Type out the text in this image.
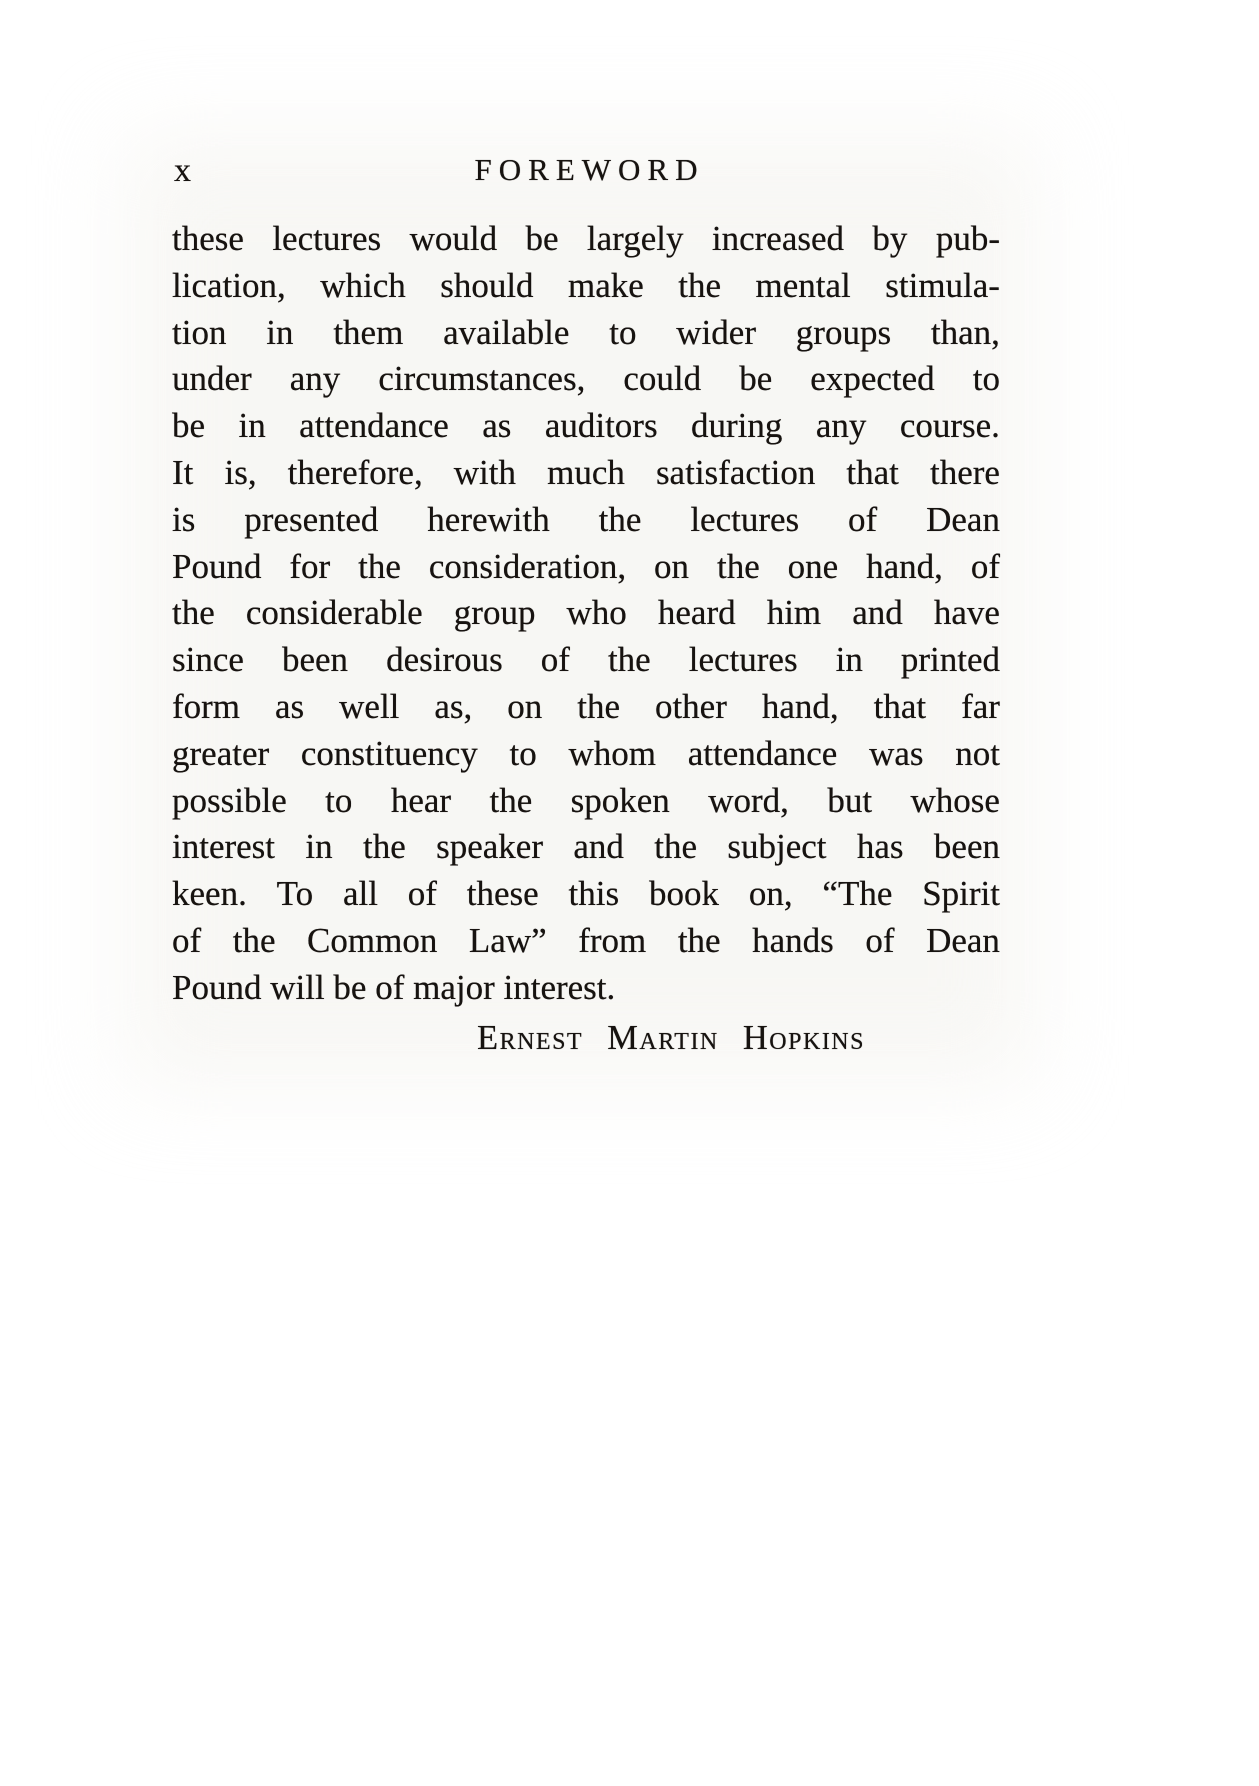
x	FOREWORD
these lectures would be largely increased by pub-
lication, which should make the mental stimula-
tion in them available to wider groups than,
under any circumstances, could be expected to
be in attendance as auditors during any course.
It is, therefore, with much satisfaction that there
is presented herewith the lectures of Dean
Pound for the consideration, on the one hand, of
the considerable group who heard him and have
since been desirous of the lectures in printed
form as well as, on the other hand, that far
greater constituency to whom attendance was not
possible to hear the spoken word, but whose
interest in the speaker and the subject has been
keen. To all of these this book on, “The Spirit
of the Common Law” from the hands of Dean
Pound will be of major interest.
Ernest Martin Hopkins
